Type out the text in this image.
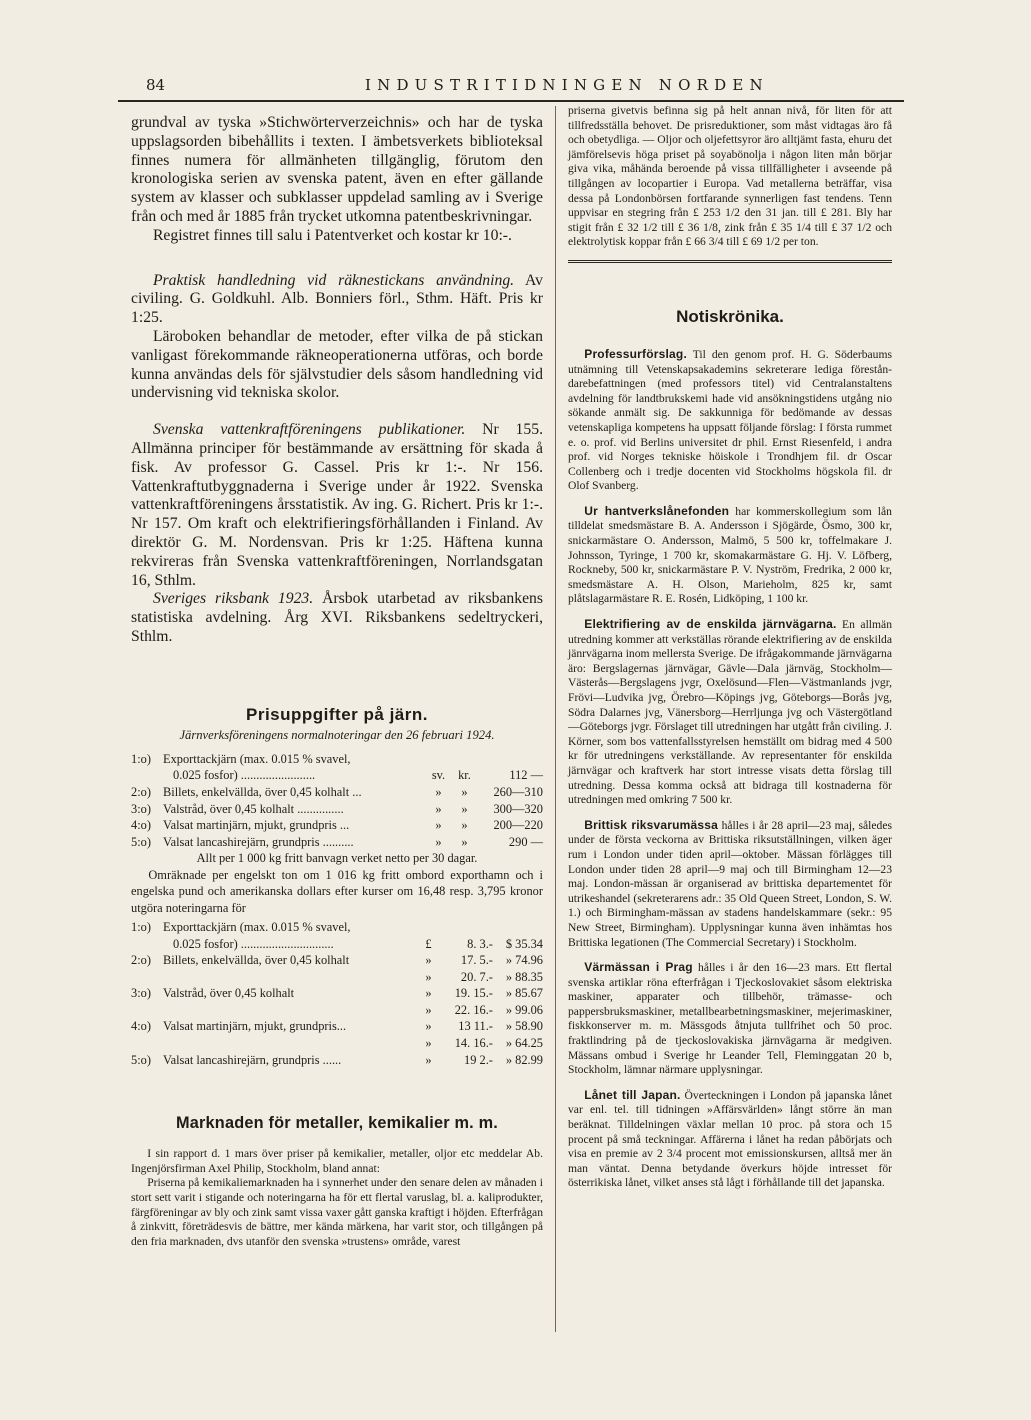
84	INDUSTRITIDNINGEN NORDEN

grundval av tyska »Stichwörterverzeichnis» och har de tyska uppslagsorden bibehållits i texten. I ämbetsverkets biblioteksal finnes numera för allmänheten tillgänglig, förutom den kronologiska serien av svenska patent, även en efter gällande system av klasser och subklasser uppdelad samling av i Sverige från och med år 1885 från trycket utkomna patentbeskrivningar.

Registret finnes till salu i Patentverket och kostar kr 10:-.

Praktisk handledning vid räknestickans användning. Av civiling. G. Goldkuhl. Alb. Bonniers förl., Sthm. Häft. Pris kr 1:25.

Läroboken behandlar de metoder, efter vilka de på stickan vanligast förekommande räkneoperationerna utföras, och borde kunna användas dels för självstudier dels såsom handledning vid undervisning vid tekniska skolor.

Svenska vattenkraftföreningens publikationer. Nr 155. Allmänna principer för bestämmande av ersättning för skada å fisk. Av professor G. Cassel. Pris kr 1:-. Nr 156. Vattenkraftutbyggnaderna i Sverige under år 1922. Svenska vattenkraftföreningens årsstatistik. Av ing. G. Richert. Pris kr 1:-. Nr 157. Om kraft och elektrifieringsförhållanden i Finland. Av direktör G. M. Nordensvan. Pris kr 1:25. Häftena kunna rekvireras från Svenska vattenkraftföreningen, Norrlandsgatan 16, Sthlm.

Sveriges riksbank 1923. Årsbok utarbetad av riksbankens statistiska avdelning. Årg XVI. Riksbankens sedeltryckeri, Sthlm.

Prisuppgifter på järn.

Järnverksföreningens normalnoteringar den 26 februari 1924.

1:o)	Exporttackjärn (max. 0.015 % svavel,			
	0.025 fosfor) ........................	sv.	kr.	112 —
2:o)	Billets, enkelvällda, över 0,45 kolhalt ...	»	»	260—310
3:o)	Valstråd, över 0,45 kolhalt ...............	»	»	300—320
4:o)	Valsat martinjärn, mjukt, grundpris ...	»	»	200—220
5:o)	Valsat lancashirejärn, grundpris ..........	»	»	290 —

Allt per 1 000 kg fritt banvagn verket netto per 30 dagar.

Omräknade per engelskt ton om 1 016 kg fritt ombord exporthamn och i engelska pund och amerikanska dollars efter kurser om 16,48 resp. 3,795 kronor utgöra noteringarna för

1:o)	Exporttackjärn (max. 0.015 % svavel,			
	0.025 fosfor) ..............................	£	8. 3.-	$ 35.34
2:o)	Billets, enkelvällda, över 0,45 kolhalt	»	17. 5.-	» 74.96
		»	20. 7.-	» 88.35
3:o)	Valstråd, över 0,45 kolhalt	»	19. 15.-	» 85.67
		»	22. 16.-	» 99.06
4:o)	Valsat martinjärn, mjukt, grundpris...	»	13 11.-	» 58.90
		»	14. 16.-	» 64.25
5:o)	Valsat lancashirejärn, grundpris ......	»	19 2.-	» 82.99

Marknaden för metaller, kemikalier m. m.

I sin rapport d. 1 mars över priser på kemikalier, metaller, oljor etc meddelar Ab. Ingenjörsfirman Axel Philip, Stockholm, bland annat:

Priserna på kemikaliemarknaden ha i synnerhet under den senare delen av månaden i stort sett varit i stigande och noteringarna ha för ett flertal varuslag, bl. a. kaliprodukter, färgföreningar av bly och zink samt vissa vaxer gått ganska kraftigt i höjden. Efterfrågan å zinkvitt, företrädesvis de bättre, mer kända märkena, har varit stor, och tillgången på den fria marknaden, dvs utanför den svenska »trustens» område, varest

priserna givetvis befinna sig på helt annan nivå, för liten för att tillfredsställa behovet. De prisreduktioner, som måst vidtagas äro få och obetydliga. — Oljor och oljefettsyror äro alltjämt fasta, ehuru det jämförelsevis höga priset på soyabönolja i någon liten mån börjar giva vika, måhända beroende på vissa tillfälligheter i avseende på tillgången av locopartier i Europa. Vad metallerna beträffar, visa dessa på Londonbörsen fortfarande synnerligen fast tendens. Tenn uppvisar en stegring från £ 253 1/2 den 31 jan. till £ 281. Bly har stigit från £ 32 1/2 till £ 36 1/8, zink från £ 35 1/4 till £ 37 1/2 och elektrolytisk koppar från £ 66 3/4 till £ 69 1/2 per ton.

Notiskrönika.

Professurförslag. Til den genom prof. H. G. Söderbaums utnämning till Vetenskapsakademins sekreterare lediga förestån-darebefattningen (med professors titel) vid Centralanstaltens avdelning för landtbrukskemi hade vid ansökningstidens utgång nio sökande anmält sig. De sakkunniga för bedömande av dessas vetenskapliga kompetens ha uppsatt följande förslag: I första rummet e. o. prof. vid Berlins universitet dr phil. Ernst Riesenfeld, i andra prof. vid Norges tekniske höiskole i Trondhjem fil. dr Oscar Collenberg och i tredje docenten vid Stockholms högskola fil. dr Olof Svanberg.

Ur hantverkslånefonden har kommerskollegium som lån tilldelat smedsmästare B. A. Andersson i Sjögärde, Ösmo, 300 kr, snickarmästare O. Andersson, Malmö, 5 500 kr, toffelmakare J. Johnsson, Tyringe, 1 700 kr, skomakarmästare G. Hj. V. Löfberg, Rockneby, 500 kr, snickarmästare P. V. Nyström, Fredrika, 2 000 kr, smedsmästare A. H. Olson, Marieholm, 825 kr, samt plåtslagarmästare R. E. Rosén, Lidköping, 1 100 kr.

Elektrifiering av de enskilda järnvägarna. En allmän utredning kommer att verkställas rörande elektrifiering av de enskilda jänrvägarna inom mellersta Sverige. De ifrågakommande järnvägarna äro: Bergslagernas järnvägar, Gävle—Dala järnväg, Stockholm—Västerås—Bergslagens jvgr, Oxelösund—Flen—Västmanlands jvgr, Frövi—Ludvika jvg, Örebro—Köpings jvg, Göteborgs—Borås jvg, Södra Dalarnes jvg, Vänersborg—Herrljunga jvg och Västergötland—Göteborgs jvgr. Förslaget till utredningen har utgått från civiling. J. Körner, som bos vattenfallsstyrelsen hemställt om bidrag med 4 500 kr för utredningens verkställande. Av representanter för enskilda järnvägar och kraftverk har stort intresse visats detta förslag till utredning. Dessa komma också att bidraga till kostnaderna för utredningen med omkring 7 500 kr.

Brittisk riksvarumässa hålles i år 28 april—23 maj, således under de första veckorna av Brittiska riksutställningen, vilken äger rum i London under tiden april—oktober. Mässan förlägges till London under tiden 28 april—9 maj och till Birmingham 12—23 maj. London-mässan är organiserad av brittiska departementet för utrikeshandel (sekreterarens adr.: 35 Old Queen Street, London, S. W. 1.) och Birmingham-mässan av stadens handelskammare (sekr.: 95 New Street, Birmingham). Upplysningar kunna även inhämtas hos Brittiska legationen (The Commercial Secretary) i Stockholm.

Värmässan i Prag hålles i år den 16—23 mars. Ett flertal svenska artiklar röna efterfrågan i Tjeckoslovakiet såsom elektriska maskiner, apparater och tillbehör, trämasse- och pappersbruksmaskiner, metallbearbetningsmaskiner, mejerimaskiner, fiskkonserver m. m. Mässgods åtnjuta tullfrihet och 50 proc. fraktlindring på de tjeckoslovakiska järnvägarna är medgiven. Mässans ombud i Sverige hr Leander Tell, Fleminggatan 20 b, Stockholm, lämnar närmare upplysningar.

Lånet till Japan. Överteckningen i London på japanska lånet var enl. tel. till tidningen »Affärsvärlden» långt större än man beräknat. Tilldelningen växlar mellan 10 proc. på stora och 15 procent på små teckningar. Affärerna i lånet ha redan påbörjats och visa en premie av 2 3/4 procent mot emissionskursen, alltså mer än man väntat. Denna betydande överkurs höjde intresset för österrikiska lånet, vilket anses stå lågt i förhållande till det japanska.
